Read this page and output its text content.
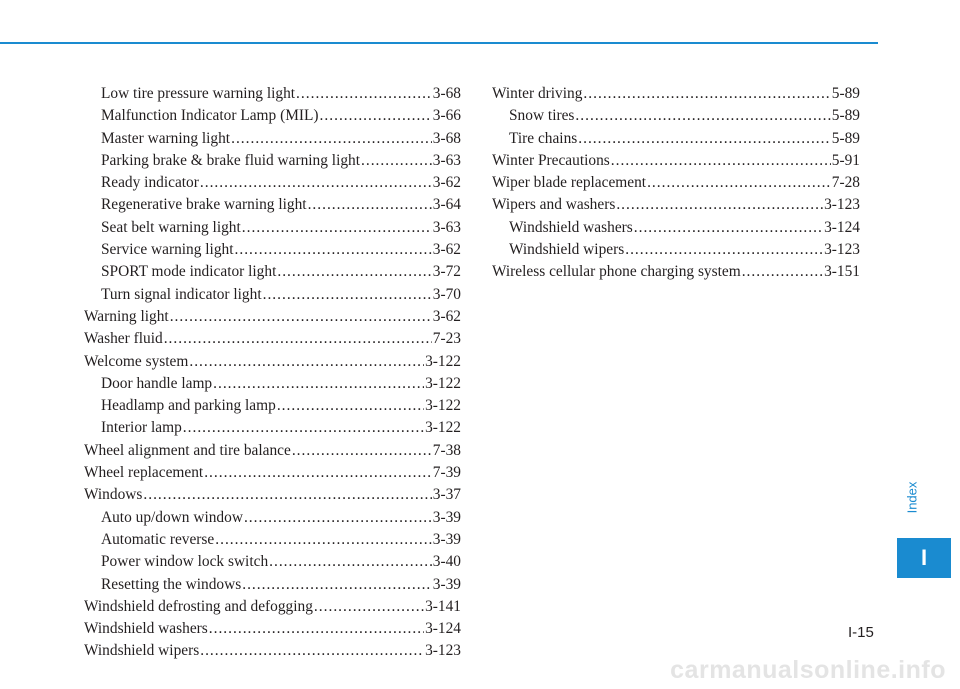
Low tire pressure warning light .....	3-68
Malfunction Indicator Lamp (MIL) .....	3-66
Master warning light .....	3-68
Parking brake & brake fluid warning light .....	3-63
Ready indicator .....	3-62
Regenerative brake warning light .....	3-64
Seat belt warning light .....	3-63
Service warning light .....	3-62
SPORT mode indicator light .....	3-72
Turn signal indicator light .....	3-70
Warning light .....	3-62
Washer fluid .....	7-23
Welcome system .....	3-122
Door handle lamp .....	3-122
Headlamp and parking lamp .....	3-122
Interior lamp .....	3-122
Wheel alignment and tire balance .....	7-38
Wheel replacement .....	7-39
Windows .....	3-37
Auto up/down window .....	3-39
Automatic reverse .....	3-39
Power window lock switch .....	3-40
Resetting the windows .....	3-39
Windshield defrosting and defogging .....	3-141
Windshield washers .....	3-124
Windshield wipers .....	3-123
Winter driving .....	5-89
Snow tires .....	5-89
Tire chains .....	5-89
Winter Precautions .....	5-91
Wiper blade replacement .....	7-28
Wipers and washers .....	3-123
Windshield washers .....	3-124
Windshield wipers .....	3-123
Wireless cellular phone charging system .....	3-151
Index
I
I-15
carmanualsonline.info
